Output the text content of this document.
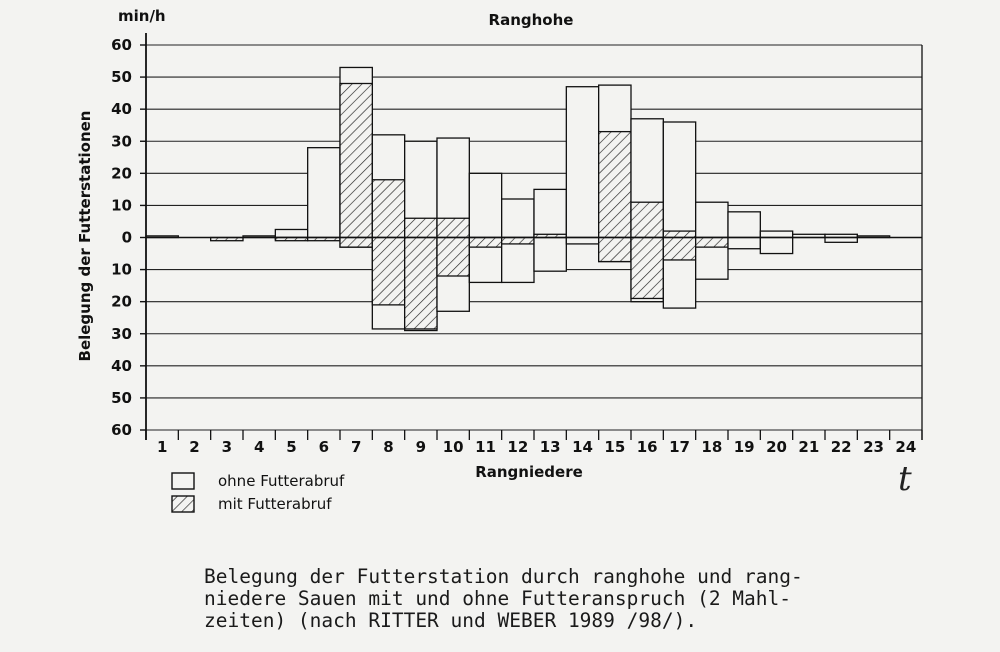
60
50
40
30
20
10
0
10
20
30
40
50
60
1 2 3 4 5 6 7 8 9 10 11 12 13 14 15 16 17 18 19 20 21 22 23 24
min/h	Ranghohe
Belegung der Futterstationen
Rangniedere
ohne Futterabruf
mit Futterabruf
t
Belegung der Futterstation durch ranghohe und rang-
niedere Sauen mit und ohne Futteranspruch (2 Mahl-
zeiten) (nach RITTER und WEBER 1989 /98/).
